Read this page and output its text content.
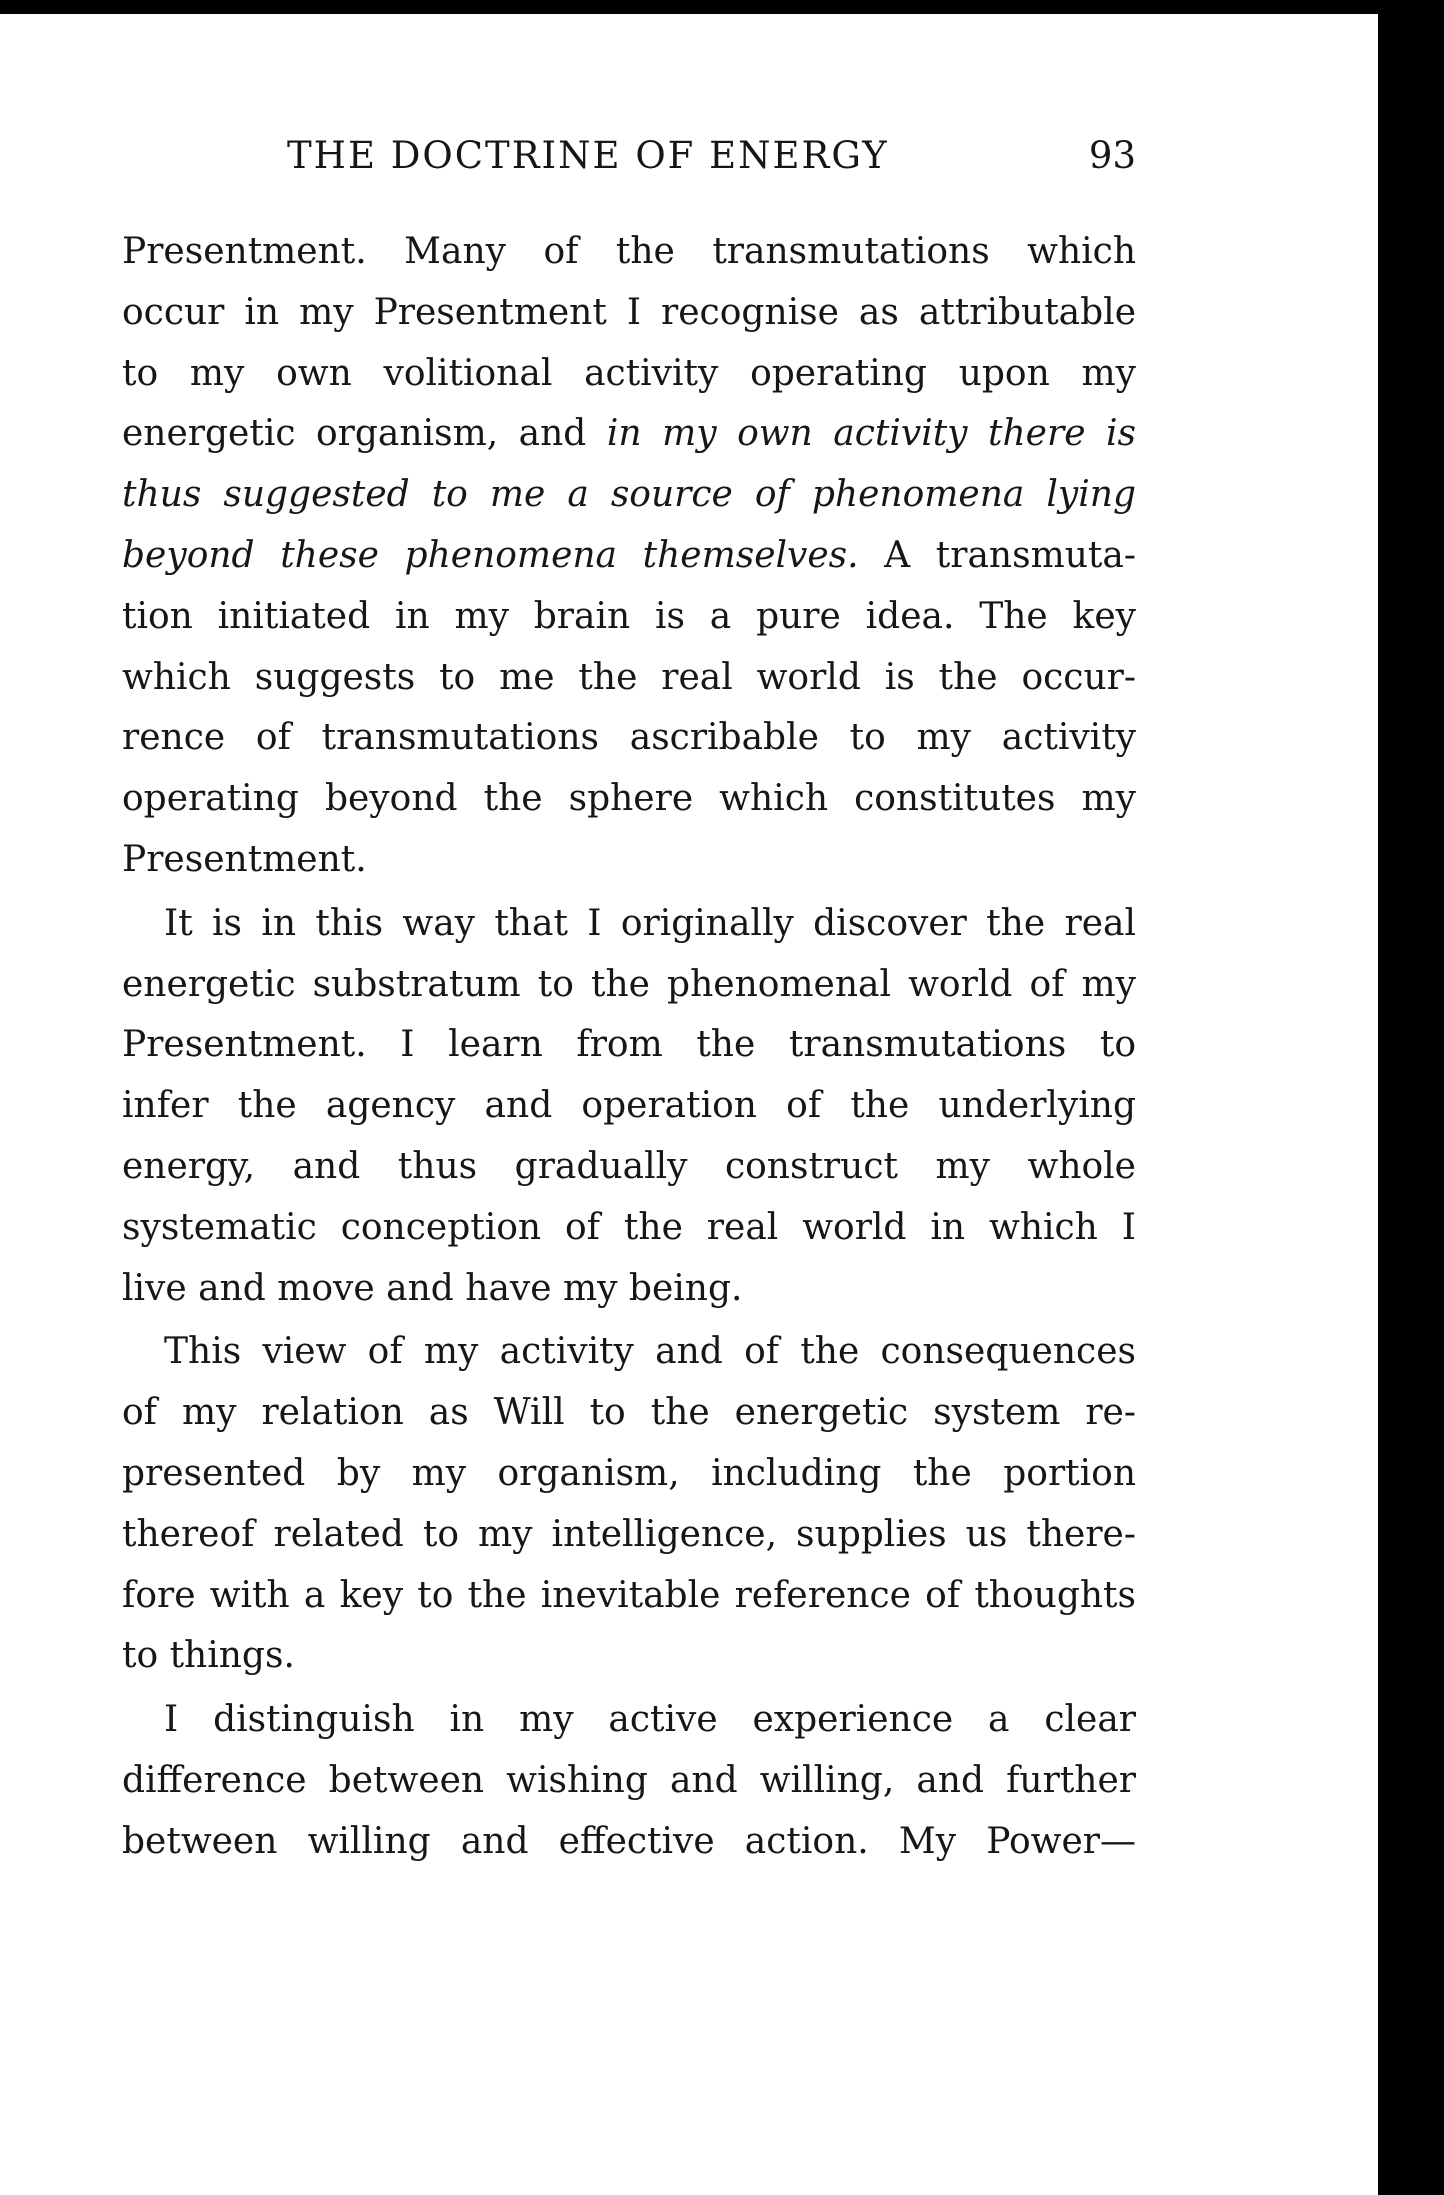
THE DOCTRINE OF ENERGY	93
Presentment. Many of the transmutations which
occur in my Presentment I recognise as attributable
to my own volitional activity operating upon my
energetic organism, and in my own activity there is
thus suggested to me a source of phenomena lying
beyond these phenomena themselves. A transmuta-
tion initiated in my brain is a pure idea. The key
which suggests to me the real world is the occur-
rence of transmutations ascribable to my activity
operating beyond the sphere which constitutes my
Presentment.
It is in this way that I originally discover the real
energetic substratum to the phenomenal world of my
Presentment. I learn from the transmutations to
infer the agency and operation of the underlying
energy, and thus gradually construct my whole
systematic conception of the real world in which I
live and move and have my being.
This view of my activity and of the consequences
of my relation as Will to the energetic system re-
presented by my organism, including the portion
thereof related to my intelligence, supplies us there-
fore with a key to the inevitable reference of thoughts
to things.
I distinguish in my active experience a clear
difference between wishing and willing, and further
between willing and effective action. My Power—
